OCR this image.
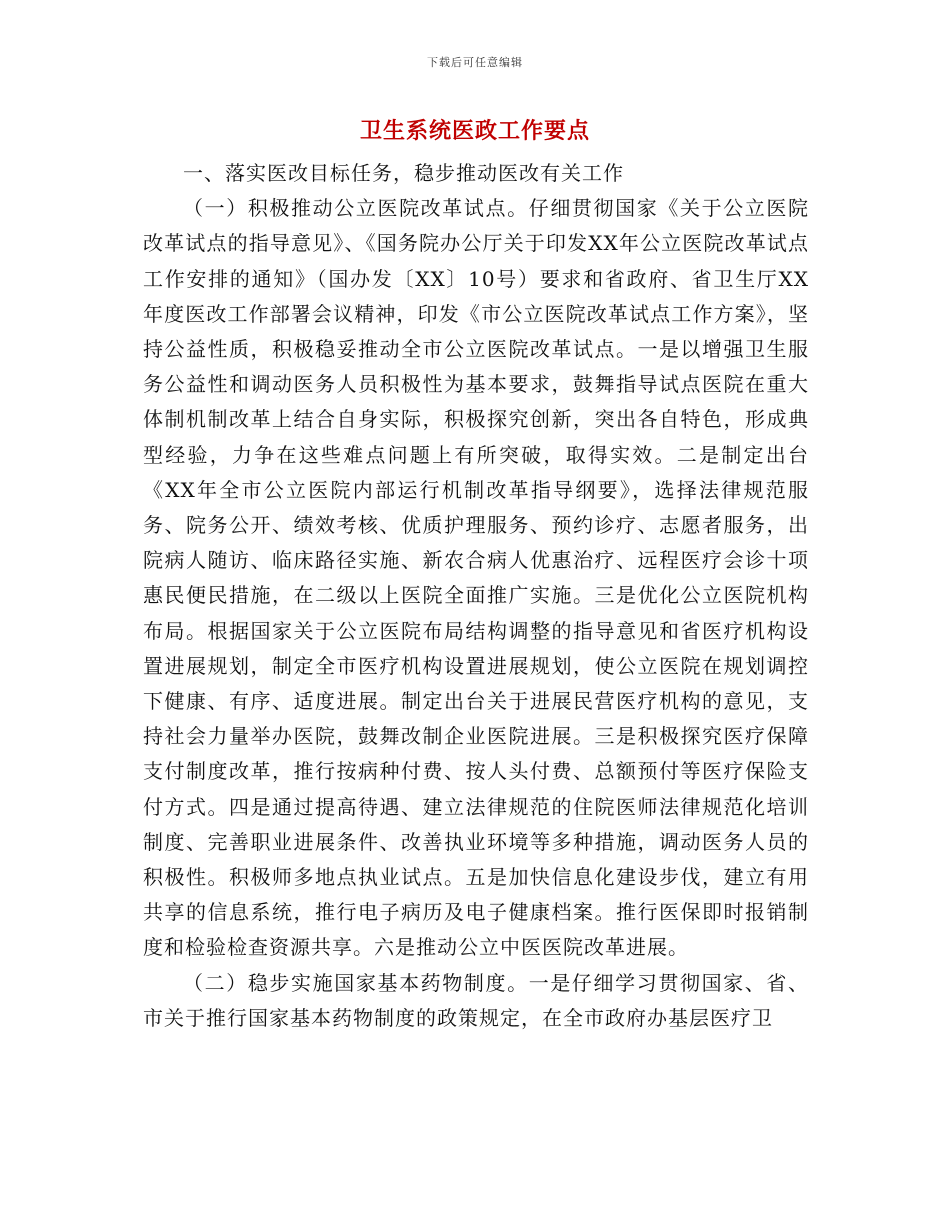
下载后可任意编辑
卫生系统医政工作要点

一、落实医改目标任务，稳步推动医改有关工作

（一）积极推动公立医院改革试点。仔细贯彻国家《关于公立医院改革试点的指导意见》、《国务院办公厅关于印发XX年公立医院改革试点工作安排的通知》（国办发〔XX〕10号）要求和省政府、省卫生厅XX年度医改工作部署会议精神，印发《市公立医院改革试点工作方案》，坚持公益性质，积极稳妥推动全市公立医院改革试点。一是以增强卫生服务公益性和调动医务人员积极性为基本要求，鼓舞指导试点医院在重大体制机制改革上结合自身实际，积极探究创新，突出各自特色，形成典型经验，力争在这些难点问题上有所突破，取得实效。二是制定出台《XX年全市公立医院内部运行机制改革指导纲要》，选择法律规范服务、院务公开、绩效考核、优质护理服务、预约诊疗、志愿者服务，出院病人随访、临床路径实施、新农合病人优惠治疗、远程医疗会诊十项惠民便民措施，在二级以上医院全面推广实施。三是优化公立医院机构布局。根据国家关于公立医院布局结构调整的指导意见和省医疗机构设置进展规划，制定全市医疗机构设置进展规划，使公立医院在规划调控下健康、有序、适度进展。制定出台关于进展民营医疗机构的意见，支持社会力量举办医院，鼓舞改制企业医院进展。三是积极探究医疗保障支付制度改革，推行按病种付费、按人头付费、总额预付等医疗保险支付方式。四是通过提高待遇、建立法律规范的住院医师法律规范化培训制度、完善职业进展条件、改善执业环境等多种措施，调动医务人员的积极性。积极师多地点执业试点。五是加快信息化建设步伐，建立有用共享的信息系统，推行电子病历及电子健康档案。推行医保即时报销制度和检验检查资源共享。六是推动公立中医医院改革进展。

（二）稳步实施国家基本药物制度。一是仔细学习贯彻国家、省、市关于推行国家基本药物制度的政策规定，在全市政府办基层医疗卫
